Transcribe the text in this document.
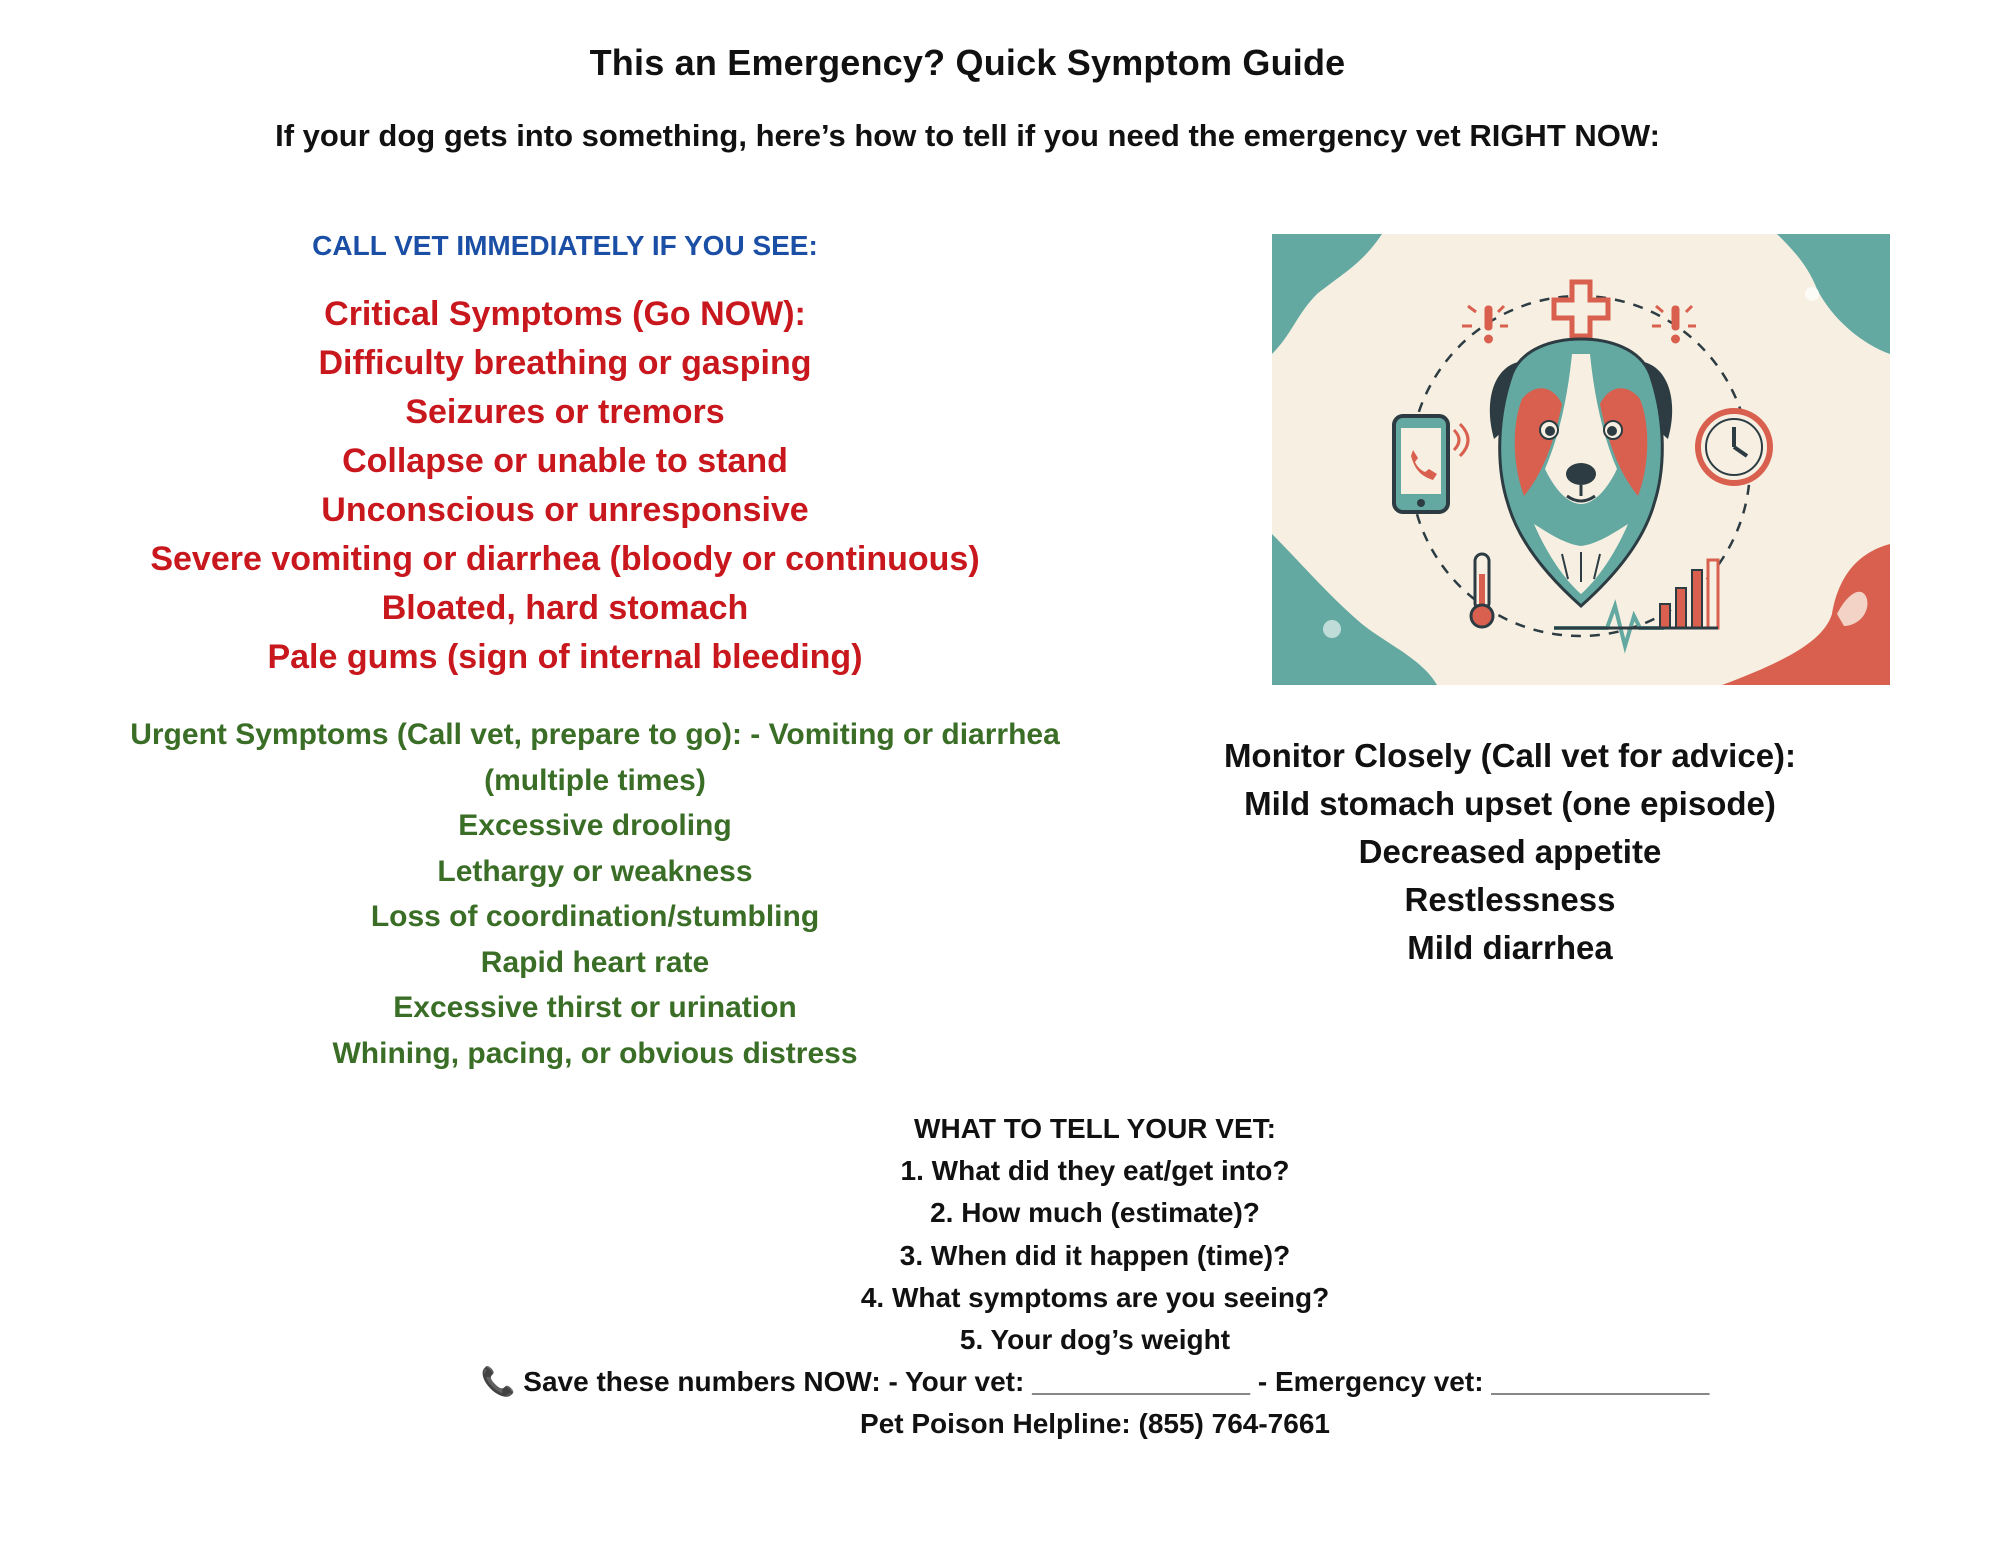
This an Emergency? Quick Symptom Guide
If your dog gets into something, here’s how to tell if you need the emergency vet RIGHT NOW:
CALL VET IMMEDIATELY IF YOU SEE:
Critical Symptoms (Go NOW):
Difficulty breathing or gasping
Seizures or tremors
Collapse or unable to stand
Unconscious or unresponsive
Severe vomiting or diarrhea (bloody or continuous)
Bloated, hard stomach
Pale gums (sign of internal bleeding)
Urgent Symptoms (Call vet, prepare to go): - Vomiting or diarrhea
(multiple times)
Excessive drooling
Lethargy or weakness
Loss of coordination/stumbling
Rapid heart rate
Excessive thirst or urination
Whining, pacing, or obvious distress
Monitor Closely (Call vet for advice):
Mild stomach upset (one episode)
Decreased appetite
Restlessness
Mild diarrhea
WHAT TO TELL YOUR VET:
1. What did they eat/get into?
2. How much (estimate)?
3. When did it happen (time)?
4. What symptoms are you seeing?
5. Your dog’s weight
📞 Save these numbers NOW: - Your vet: ______________ - Emergency vet: ______________
Pet Poison Helpline: (855) 764-7661
